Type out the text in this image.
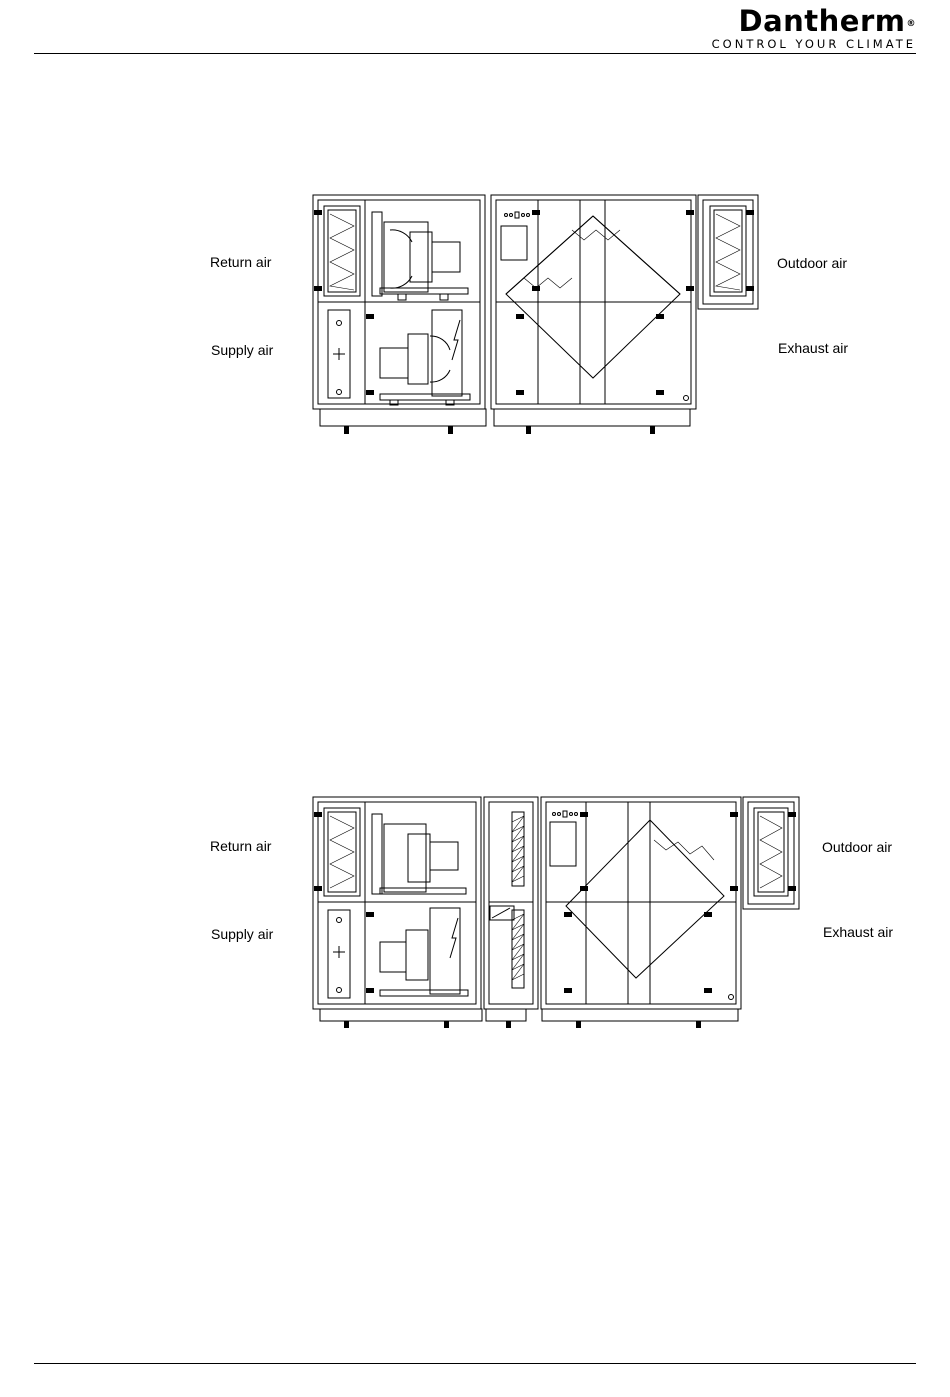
Dantherm®
CONTROL YOUR CLIMATE
Return air
Supply air
Outdoor air
Exhaust air
Return air
Supply air
Outdoor air
Exhaust air
